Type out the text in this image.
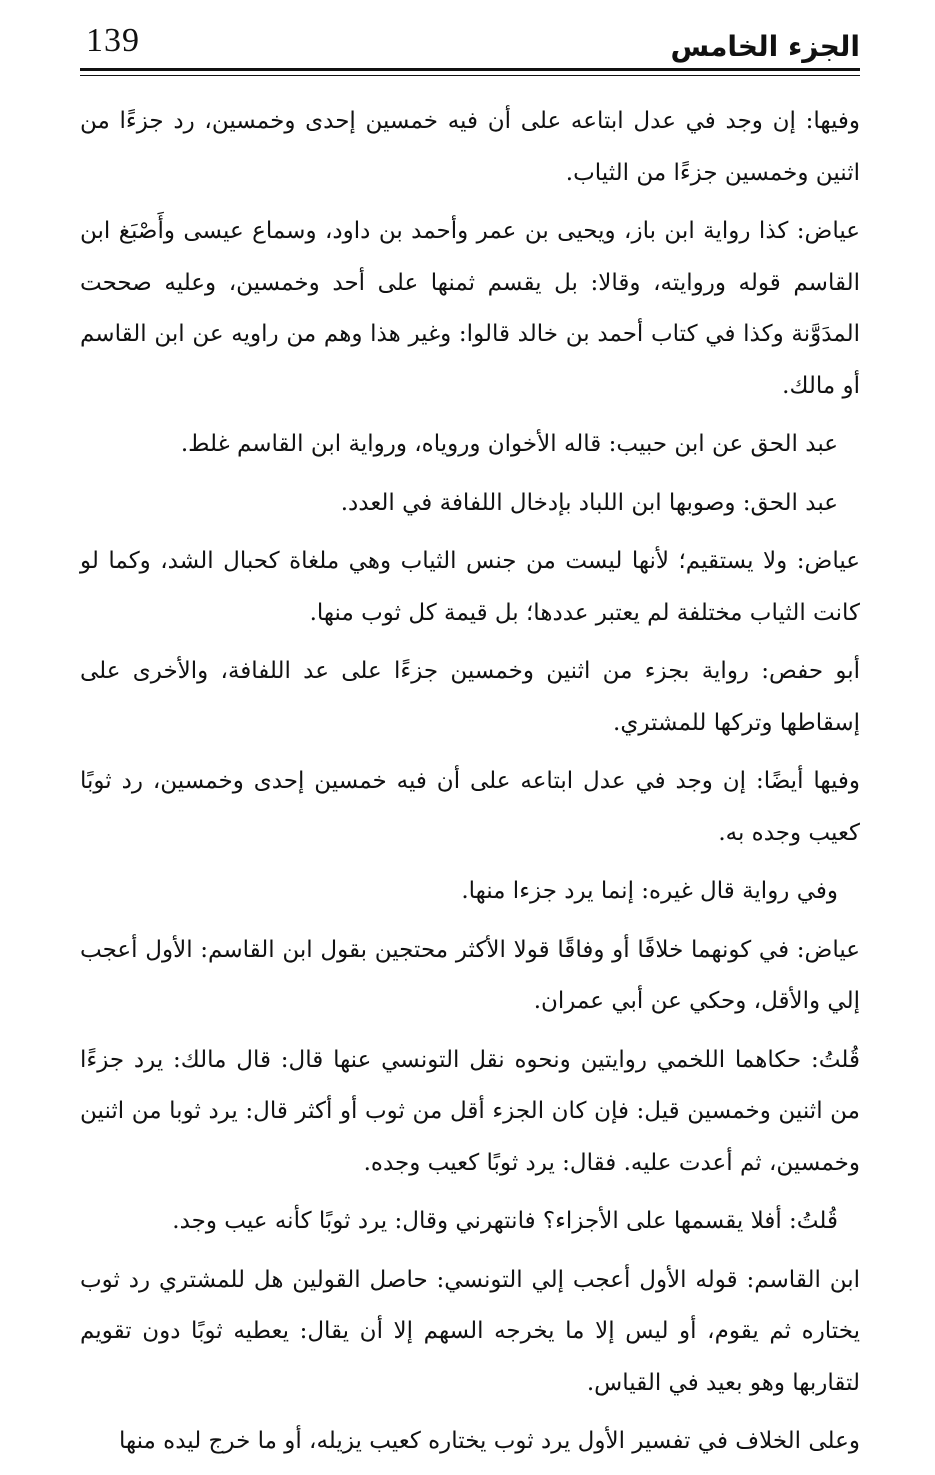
139	الجزء الخامس

وفيها: إن وجد في عدل ابتاعه على أن فيه خمسين إحدى وخمسين، رد جزءًا من اثنين وخمسين جزءًا من الثياب.

عياض: كذا رواية ابن باز، ويحيى بن عمر وأحمد بن داود، وسماع عيسى وأَصْبَغ ابن القاسم قوله وروايته، وقالا: بل يقسم ثمنها على أحد وخمسين، وعليه صححت المدَوَّنة وكذا في كتاب أحمد بن خالد قالوا: وغير هذا وهم من راويه عن ابن القاسم أو مالك.

عبد الحق عن ابن حبيب: قاله الأخوان وروياه، ورواية ابن القاسم غلط.

عبد الحق: وصوبها ابن اللباد بإدخال اللفافة في العدد.

عياض: ولا يستقيم؛ لأنها ليست من جنس الثياب وهي ملغاة كحبال الشد، وكما لو كانت الثياب مختلفة لم يعتبر عددها؛ بل قيمة كل ثوب منها.

أبو حفص: رواية بجزء من اثنين وخمسين جزءًا على عد اللفافة، والأخرى على إسقاطها وتركها للمشتري.

وفيها أيضًا: إن وجد في عدل ابتاعه على أن فيه خمسين إحدى وخمسين، رد ثوبًا كعيب وجده به.

وفي رواية قال غيره: إنما يرد جزءا منها.

عياض: في كونهما خلافًا أو وفاقًا قولا الأكثر محتجين بقول ابن القاسم: الأول أعجب إلي والأقل، وحكي عن أبي عمران.

قُلتُ: حكاهما اللخمي روايتين ونحوه نقل التونسي عنها قال: قال مالك: يرد جزءًا من اثنين وخمسين قيل: فإن كان الجزء أقل من ثوب أو أكثر قال: يرد ثوبا من اثنين وخمسين، ثم أعدت عليه. فقال: يرد ثوبًا كعيب وجده.

قُلتُ: أفلا يقسمها على الأجزاء؟ فانتهرني وقال: يرد ثوبًا كأنه عيب وجد.

ابن القاسم: قوله الأول أعجب إلي التونسي: حاصل القولين هل للمشتري رد ثوب يختاره ثم يقوم، أو ليس إلا ما يخرجه السهم إلا أن يقال: يعطيه ثوبًا دون تقويم لتقاربها وهو بعيد في القياس.

وعلى الخلاف في تفسير الأول يرد ثوب يختاره كعيب يزيله، أو ما خرج ليده منها
